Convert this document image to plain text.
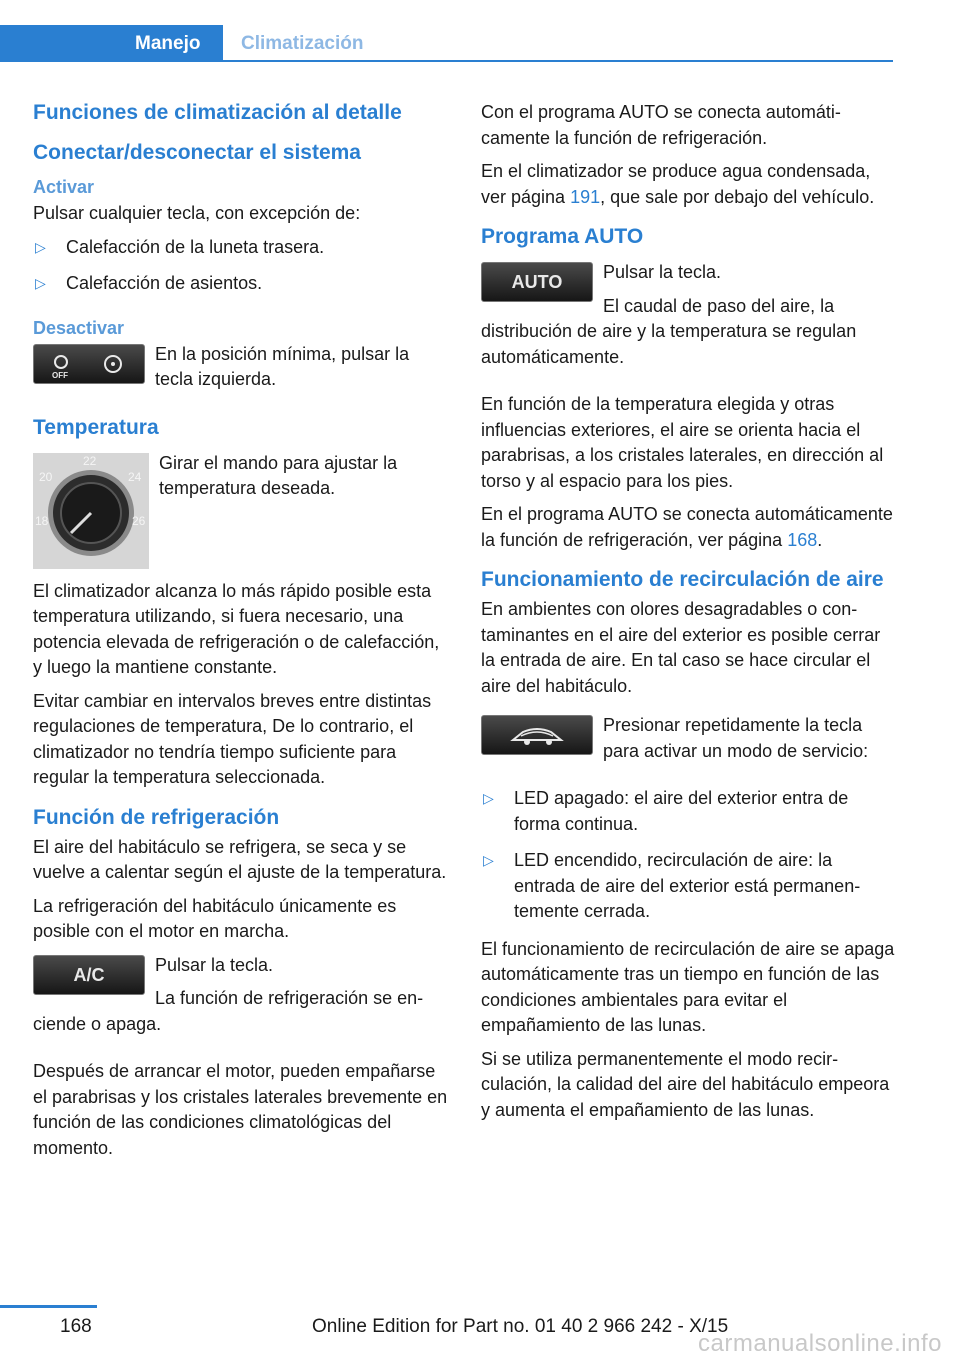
Manejo	Climatización
Funciones de climatización al detalle
Conectar/desconectar el sistema
Activar

Pulsar cualquier tecla, con excepción de:

▷ Calefacción de la luneta trasera.
▷ Calefacción de asientos.
Desactivar
OFF

En la posición mínima, pulsar la tecla izquierda.

Temperatura
22
20	24
18	26

Girar el mando para ajustar la temperatura deseada.

El climatizador alcanza lo más rápido posible esta temperatura utilizando, si fuera necesario, una potencia elevada de refrigeración o de calefacción, y luego la mantiene constante.

Evitar cambiar en intervalos breves entre distintas regulaciones de temperatura, De lo contrario, el climatizador no tendría tiempo suficiente para regular la temperatura seleccionada.

Función de refrigeración

El aire del habitáculo se refrigera, se seca y se vuelve a calentar según el ajuste de la temperatura.

La refrigeración del habitáculo únicamente es posible con el motor en marcha.

A/C	Pulsar la tecla.

La función de refrigeración se enciende o apaga.

Después de arrancar el motor, pueden empañarse el parabrisas y los cristales laterales brevemente en función de las condiciones climatológicas del momento.

Con el programa AUTO se conecta automáticamente la función de refrigeración.

En el climatizador se produce agua condensada, ver página 191, que sale por debajo del vehículo.

Programa AUTO
AUTO	Pulsar la tecla.

El caudal de paso del aire, la distribución de aire y la temperatura se regulan automáticamente.

En función de la temperatura elegida y otras influencias exteriores, el aire se orienta hacia el parabrisas, a los cristales laterales, en dirección al torso y al espacio para los pies.

En el programa AUTO se conecta automáticamente la función de refrigeración, ver página 168.

Funcionamiento de recirculación de aire

En ambientes con olores desagradables o contaminantes en el aire del exterior es posible cerrar la entrada de aire. En tal caso se hace circular el aire del habitáculo.

Presionar repetidamente la tecla para activar un modo de servicio:

▷ LED apagado: el aire del exterior entra de forma continua.
▷ LED encendido, recirculación de aire: la entrada de aire del exterior está permanentemente cerrada.

El funcionamiento de recirculación de aire se apaga automáticamente tras un tiempo en función de las condiciones ambientales para evitar el empañamiento de las lunas.

Si se utiliza permanentemente el modo recirculación, la calidad del aire del habitáculo empeora y aumenta el empañamiento de las lunas.

168	Online Edition for Part no. 01 40 2 966 242 - X/15
carmanualsonline.info
